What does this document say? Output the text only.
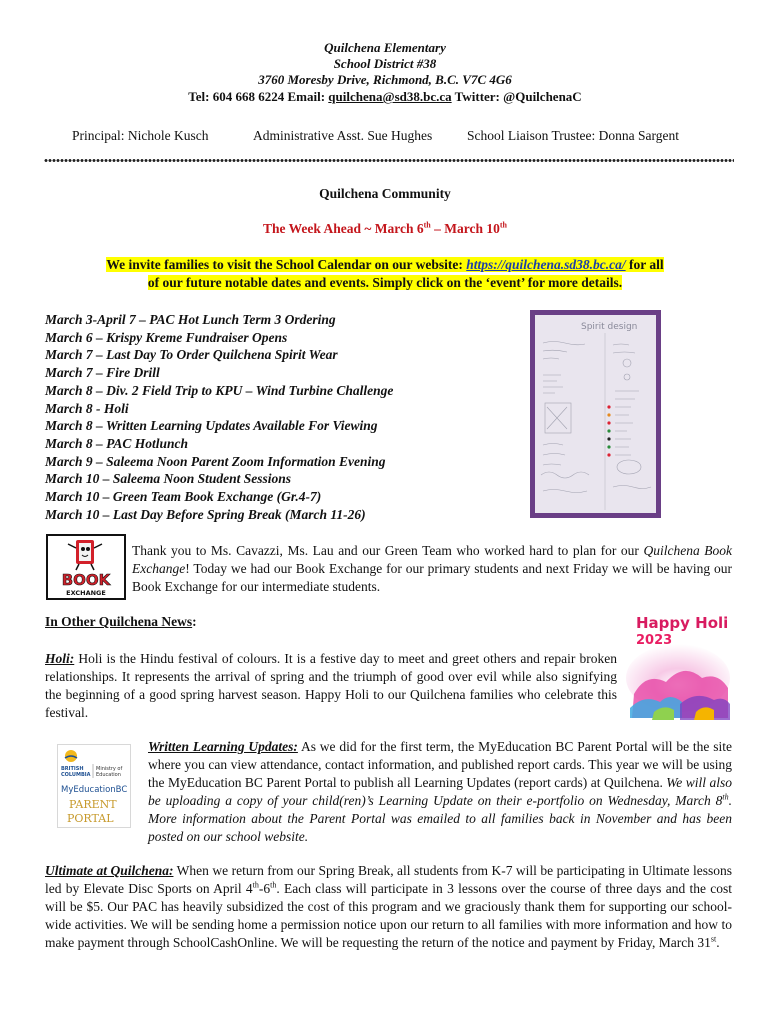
Quilchena Elementary
School District #38
3760 Moresby Drive, Richmond, B.C. V7C 4G6
Tel: 604 668 6224 Email: quilchena@sd38.bc.ca Twitter: @QuilchenaC
Principal: Nichole Kusch	Administrative Asst. Sue Hughes	School Liaison Trustee: Donna Sargent
Quilchena Community
The Week Ahead ~ March 6th – March 10th
We invite families to visit the School Calendar on our website: https://quilchena.sd38.bc.ca/ for all
of our future notable dates and events. Simply click on the ‘event’ for more details.
March 3-April 7 – PAC Hot Lunch Term 3 Ordering
March 6 – Krispy Kreme Fundraiser Opens
March 7 – Last Day To Order Quilchena Spirit Wear
March 7 – Fire Drill
March 8 – Div. 2 Field Trip to KPU – Wind Turbine Challenge
March 8 - Holi
March 8 – Written Learning Updates Available For Viewing
March 8 – PAC Hotlunch
March 9 – Saleema Noon Parent Zoom Information Evening
March 10 – Saleema Noon Student Sessions
March 10 – Green Team Book Exchange (Gr.4-7)
March 10 – Last Day Before Spring Break (March 11-26)
Spirit design
BOOK
EXCHANGE
Thank you to Ms. Cavazzi, Ms. Lau and our Green Team who worked hard to plan for our Quilchena Book Exchange! Today we had our Book Exchange for our primary students and next Friday we will be having our Book Exchange for our intermediate students.
In Other Quilchena News:
Holi: Holi is the Hindu festival of colours. It is a festive day to meet and greet others and repair broken relationships. It represents the arrival of spring and the triumph of good over evil while also signifying the beginning of a good spring harvest season. Happy Holi to our Quilchena families who celebrate this festival.
Happy Holi
2023
BRITISH
COLUMBIA
Ministry of
Education
MyEducationBC
PARENT
PORTAL
Written Learning Updates: As we did for the first term, the MyEducation BC Parent Portal will be the site where you can view attendance, contact information, and published report cards. This year we will be using the MyEducation BC Parent Portal to publish all Learning Updates (report cards) at Quilchena. We will also be uploading a copy of your child(ren)’s Learning Update on their e-portfolio on Wednesday, March 8th. More information about the Parent Portal was emailed to all families back in November and has been posted on our school website.
Ultimate at Quilchena: When we return from our Spring Break, all students from K-7 will be participating in Ultimate lessons led by Elevate Disc Sports on April 4th-6th. Each class will participate in 3 lessons over the course of three days and the cost will be $5. Our PAC has heavily subsidized the cost of this program and we graciously thank them for supporting our school-wide activities. We will be sending home a permission notice upon our return to all families with more information and how to make payment through SchoolCashOnline. We will be requesting the return of the notice and payment by Friday, March 31st.
